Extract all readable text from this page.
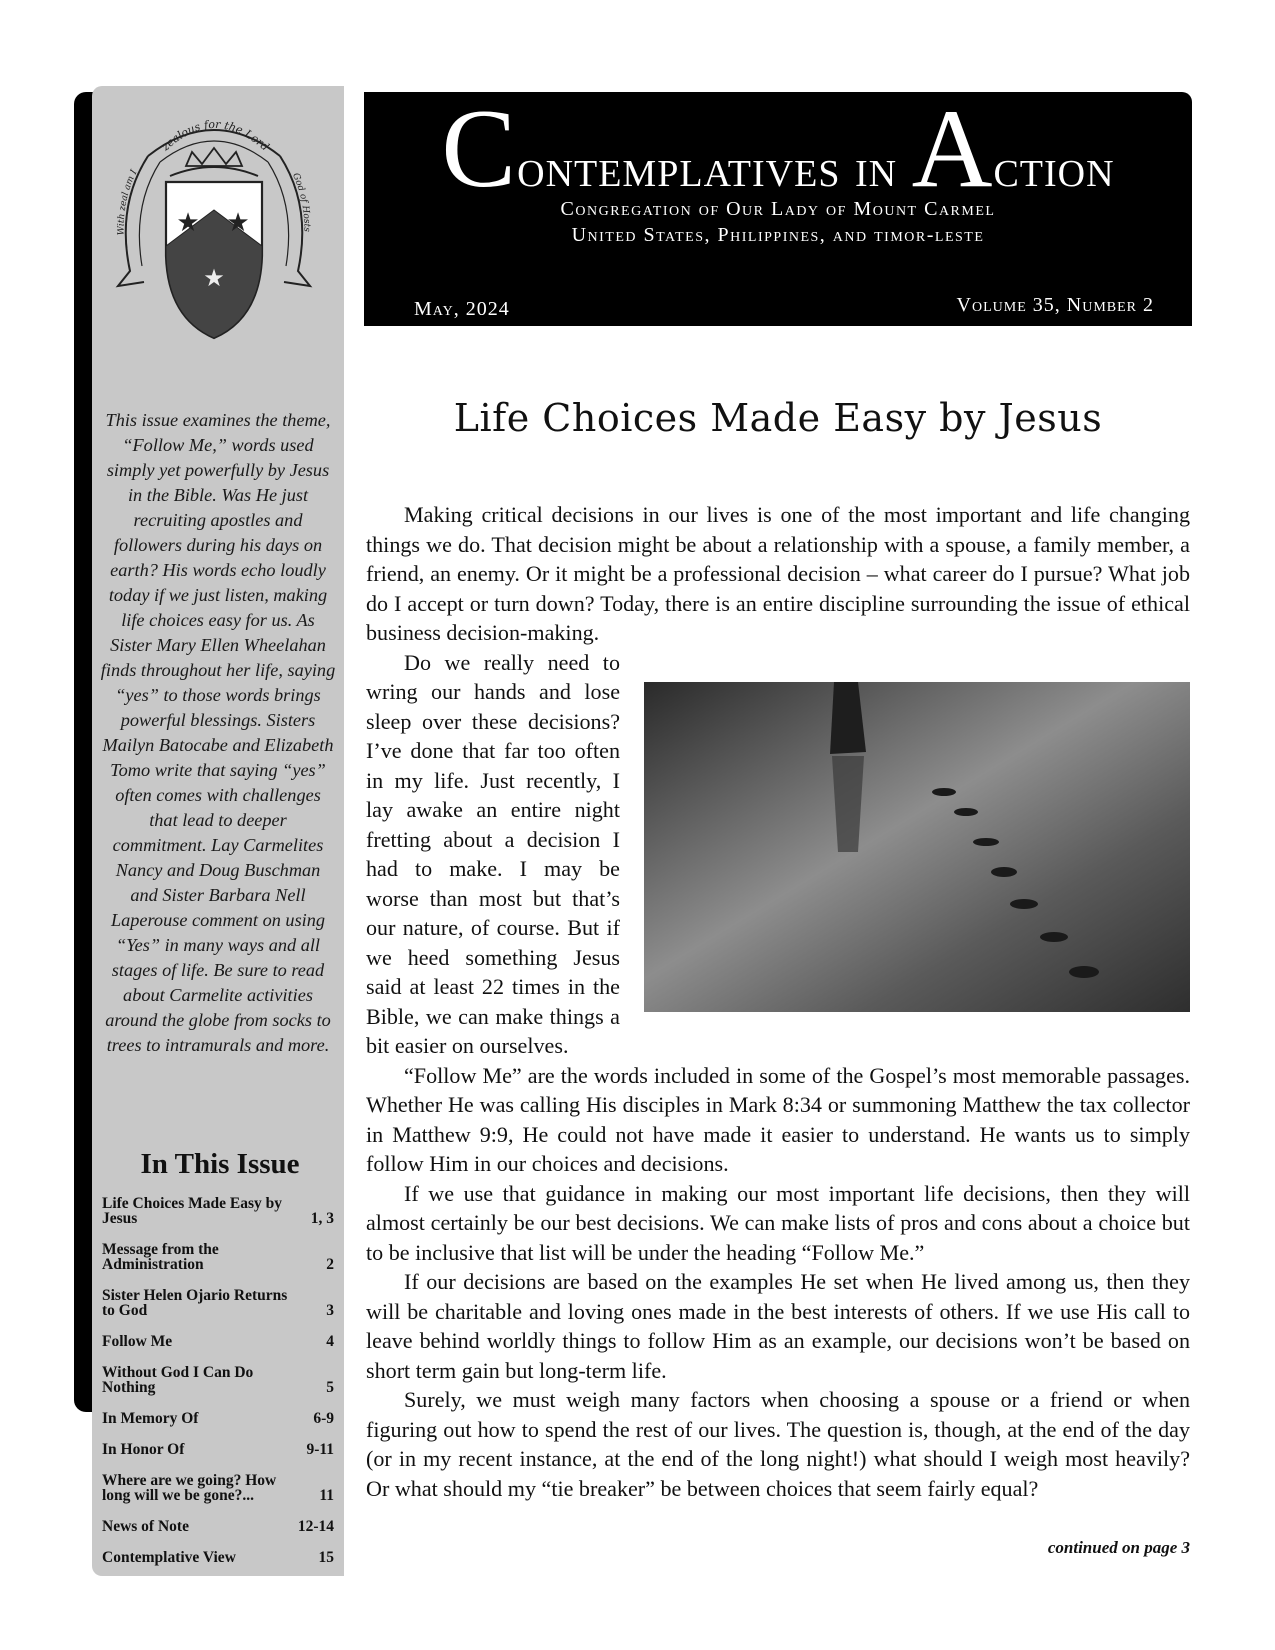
zealous for the Lord
With zeal am I	God of Hosts
★ ★
★

This issue examines the theme, “Follow Me,” words used simply yet powerfully by Jesus in the Bible. Was He just recruiting apostles and followers during his days on earth? His words echo loudly today if we just listen, making life choices easy for us. As Sister Mary Ellen Wheelahan finds throughout her life, saying “yes” to those words brings powerful blessings. Sisters Mailyn Batocabe and Elizabeth Tomo write that saying “yes” often comes with challenges that lead to deeper commitment. Lay Carmelites Nancy and Doug Buschman and Sister Barbara Nell Laperouse comment on using “Yes” in many ways and all stages of life. Be sure to read about Carmelite activities around the globe from socks to trees to intramurals and more.

In This Issue
Life Choices Made Easy by Jesus	1, 3
Message from the Administration	2
Sister Helen Ojario Returns to God	3
Follow Me	4
Without God I Can Do Nothing	5
In Memory Of	6-9
In Honor Of	9-11
Where are we going? How long will we be gone?...	11
News of Note	12-14
Contemplative View	15
Contemplatives in Action
Congregation of Our Lady of Mount Carmel
United States, Philippines, and timor-leste
May, 2024	Volume 35, Number 2
Life Choices Made Easy by Jesus

Making critical decisions in our lives is one of the most important and life changing things we do. That decision might be about a relationship with a spouse, a family member, a friend, an enemy. Or it might be a professional decision – what career do I pursue? What job do I accept or turn down? Today, there is an entire discipline surrounding the issue of ethical business decision-making.

Do we really need to wring our hands and lose sleep over these decisions? I’ve done that far too often in my life. Just recently, I lay awake an entire night fretting about a decision I had to make. I may be worse than most but that’s our nature, of course. But if we heed something Jesus said at least 22 times in the Bible, we can make things a bit easier on ourselves.

“Follow Me” are the words included in some of the Gospel’s most memorable passages. Whether He was calling His disciples in Mark 8:34 or summoning Matthew the tax collector in Matthew 9:9, He could not have made it easier to understand. He wants us to simply follow Him in our choices and decisions.

If we use that guidance in making our most important life decisions, then they will almost certainly be our best decisions. We can make lists of pros and cons about a choice but to be inclusive that list will be under the heading “Follow Me.”

If our decisions are based on the examples He set when He lived among us, then they will be charitable and loving ones made in the best interests of others. If we use His call to leave behind worldly things to follow Him as an example, our decisions won’t be based on short term gain but long-term life.

Surely, we must weigh many factors when choosing a spouse or a friend or when figuring out how to spend the rest of our lives. The question is, though, at the end of the day (or in my recent instance, at the end of the long night!) what should I weigh most heavily? Or what should my “tie breaker” be between choices that seem fairly equal?

continued on page 3
